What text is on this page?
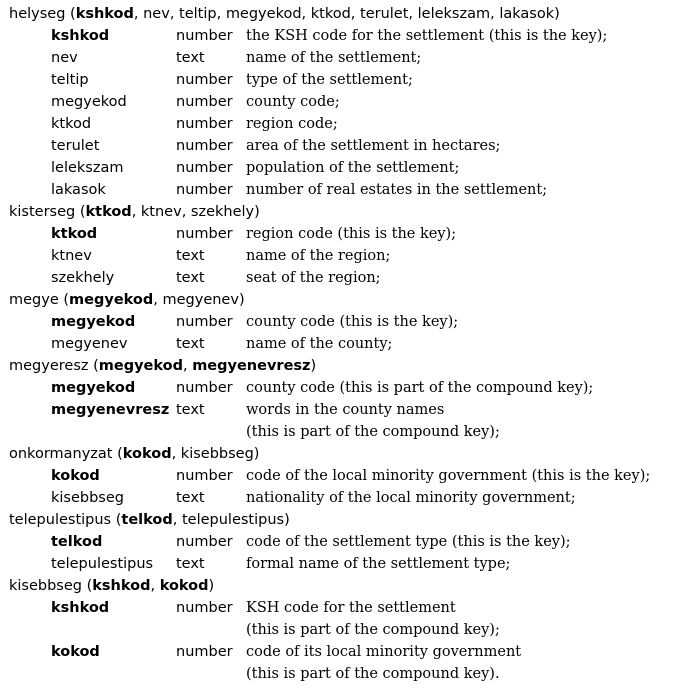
helyseg (kshkod, nev, teltip, megyekod, ktkod, terulet, lelekszam, lakasok)
kshkod	number the KSH code for the settlement (this is the key);
nev	text	name of the settlement;
teltip	number type of the settlement;
megyekod	number county code;
ktkod	number region code;
terulet	number area of the settlement in hectares;
lelekszam	number population of the settlement;
lakasok	number number of real estates in the settlement;
kisterseg (ktkod, ktnev, szekhely)
ktkod	number region code (this is the key);
ktnev	text	name of the region;
szekhely	text	seat of the region;
megye (megyekod, megyenev)
megyekod	number county code (this is the key);
megyenev	text	name of the county;
megyeresz (megyekod, megyenevresz)
megyekod	number county code (this is part of the compound key);
megyenevresz text	words in the county names
(this is part of the compound key);
onkormanyzat (kokod, kisebbseg)
kokod	number code of the local minority government (this is the key);
kisebbseg	text	nationality of the local minority government;
telepulestipus (telkod, telepulestipus)
telkod	number code of the settlement type (this is the key);
telepulestipus	text	formal name of the settlement type;
kisebbseg (kshkod, kokod)
kshkod	number KSH code for the settlement
(this is part of the compound key);
kokod	number code of its local minority government
(this is part of the compound key).
